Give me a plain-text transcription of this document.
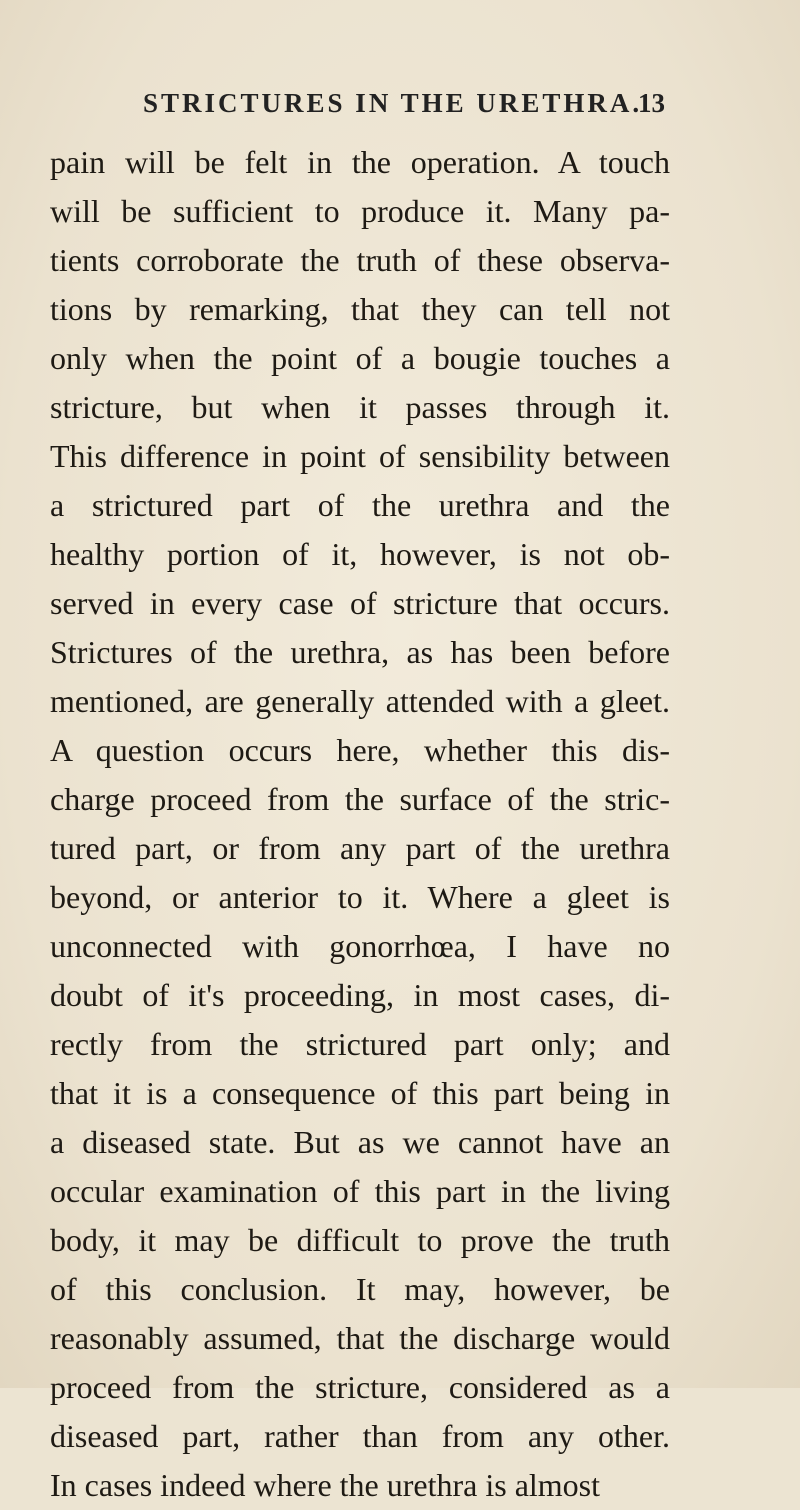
STRICTURES IN THE URETHRA.
13
pain will be felt in the operation. A touch
will be sufficient to produce it. Many pa-
tients corroborate the truth of these observa-
tions by remarking, that they can tell not
only when the point of a bougie touches a
stricture, but when it passes through it.
This difference in point of sensibility between
a strictured part of the urethra and the
healthy portion of it, however, is not ob-
served in every case of stricture that occurs.
Strictures of the urethra, as has been before
mentioned, are generally attended with a gleet.
A question occurs here, whether this dis-
charge proceed from the surface of the stric-
tured part, or from any part of the urethra
beyond, or anterior to it. Where a gleet is
unconnected with gonorrhœa, I have no
doubt of it's proceeding, in most cases, di-
rectly from the strictured part only; and
that it is a consequence of this part being in
a diseased state. But as we cannot have an
occular examination of this part in the living
body, it may be difficult to prove the truth
of this conclusion. It may, however, be
reasonably assumed, that the discharge would
proceed from the stricture, considered as a
diseased part, rather than from any other.
In cases indeed where the urethra is almost
